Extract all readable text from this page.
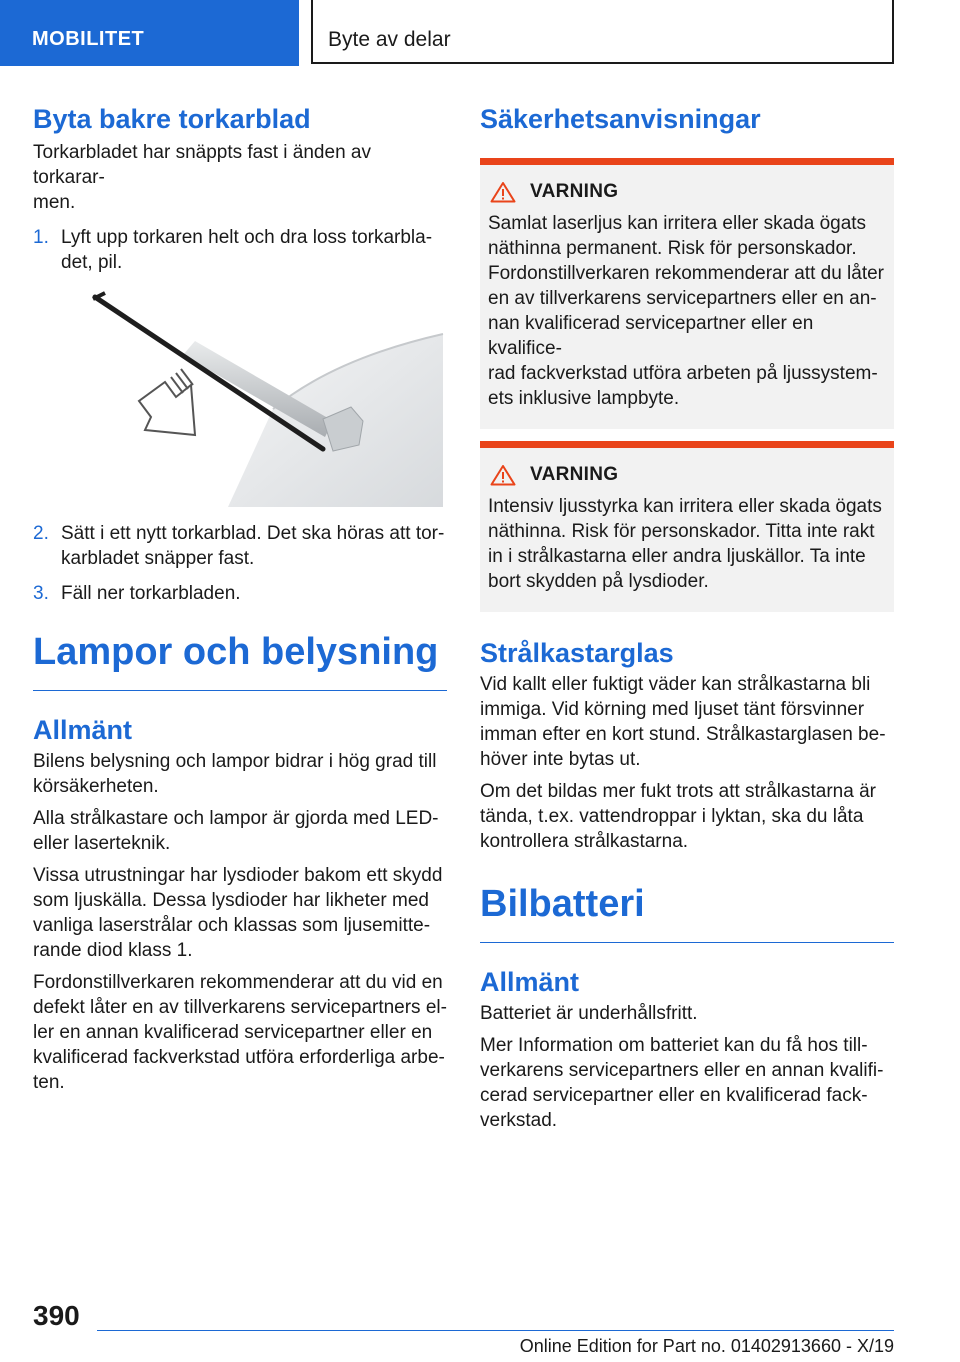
MOBILITET	Byte av delar
Byta bakre torkarblad

Torkarbladet har snäppts fast i änden av torkarar-
men.

1. Lyft upp torkaren helt och dra loss torkarbla-
det, pil.
2. Sätt i ett nytt torkarblad. Det ska höras att tor-
karbladet snäpper fast.
3. Fäll ner torkarbladen.
Lampor och belysning
Allmänt

Bilens belysning och lampor bidrar i hög grad till
körsäkerheten.

Alla strålkastare och lampor är gjorda med LED-
eller laserteknik.

Vissa utrustningar har lysdioder bakom ett skydd
som ljuskälla. Dessa lysdioder har likheter med
vanliga laserstrålar och klassas som ljusemitte-
rande diod klass 1.

Fordonstillverkaren rekommenderar att du vid en
defekt låter en av tillverkarens servicepartners el-
ler en annan kvalificerad servicepartner eller en
kvalificerad fackverkstad utföra erforderliga arbe-
ten.

Säkerhetsanvisningar
VARNING

Samlat laserljus kan irritera eller skada ögats
näthinna permanent. Risk för personskador.
Fordonstillverkaren rekommenderar att du låter
en av tillverkarens servicepartners eller en an-
nan kvalificerad servicepartner eller en kvalifice-
rad fackverkstad utföra arbeten på ljussystem-
ets inklusive lampbyte.

VARNING

Intensiv ljusstyrka kan irritera eller skada ögats
näthinna. Risk för personskador. Titta inte rakt
in i strålkastarna eller andra ljuskällor. Ta inte
bort skydden på lysdioder.

Strålkastarglas

Vid kallt eller fuktigt väder kan strålkastarna bli
immiga. Vid körning med ljuset tänt försvinner
imman efter en kort stund. Strålkastarglasen be-
höver inte bytas ut.

Om det bildas mer fukt trots att strålkastarna är
tända, t.ex. vattendroppar i lyktan, ska du låta
kontrollera strålkastarna.

Bilbatteri
Allmänt

Batteriet är underhållsfritt.

Mer Information om batteriet kan du få hos till-
verkarens servicepartners eller en annan kvalifi-
cerad servicepartner eller en kvalificerad fack-
verkstad.

390
Online Edition for Part no. 01402913660 - X/19
